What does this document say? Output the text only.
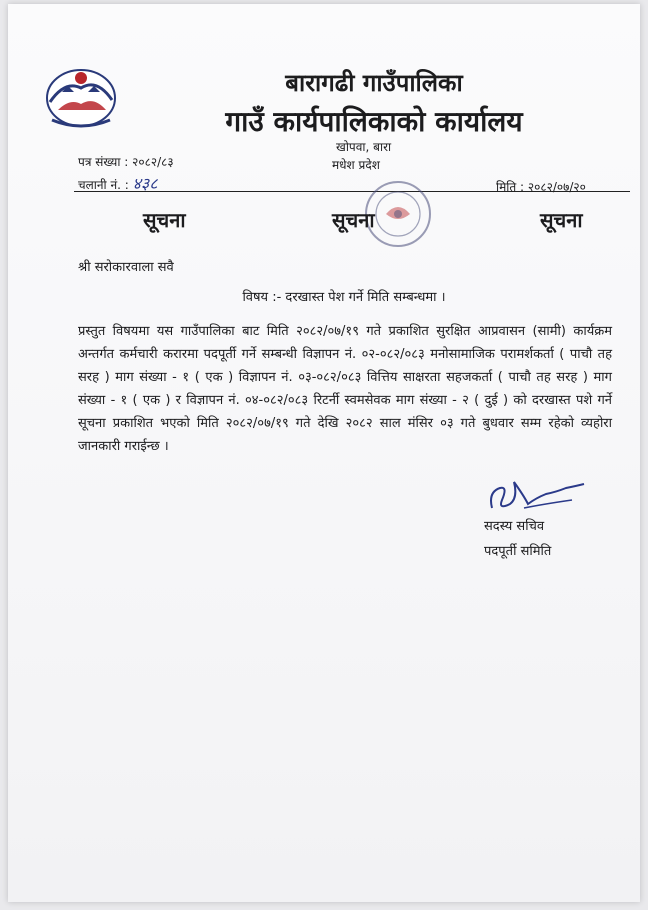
बारागढी गाउँपालिका
गाउँ कार्यपालिकाको कार्यालय
खोपवा, बारा
मधेश प्रदेश
पत्र संख्या : २०८२/८३
चलानी नं. : ४३८	मिति : २०८२/०७/२०
सूचना	सूचना	सूचना
श्री सरोकारवाला सवै
विषय :- दरखास्त पेश गर्ने मिति सम्बन्धमा ।
प्रस्तुत विषयमा यस गाउँपालिका बाट मिति २०८२/०७/१९ गते प्रकाशित सुरक्षित आप्रवासन (सामी) कार्यक्रम अन्तर्गत कर्मचारी करारमा पदपूर्ती गर्ने सम्बन्धी विज्ञापन नं. ०२-०८२/०८३ मनोसामाजिक परामर्शकर्ता ( पाचौ तह सरह ) माग संख्या - १ ( एक ) विज्ञापन नं. ०३-०८२/०८३ वित्तिय साक्षरता सहजकर्ता ( पाचौ तह सरह ) माग संख्या - १ ( एक ) र विज्ञापन नं. ०४-०८२/०८३ रिटर्नी स्वमसेवक माग संख्या - २ ( दुई ) को दरखास्त पशे गर्ने सूचना प्रकाशित भएको मिति २०८२/०७/१९ गते देखि २०८२ साल मंसिर ०३ गते बुधवार सम्म रहेको व्यहोरा जानकारी गराईन्छ ।
सदस्य सचिव
पदपूर्ती समिति
